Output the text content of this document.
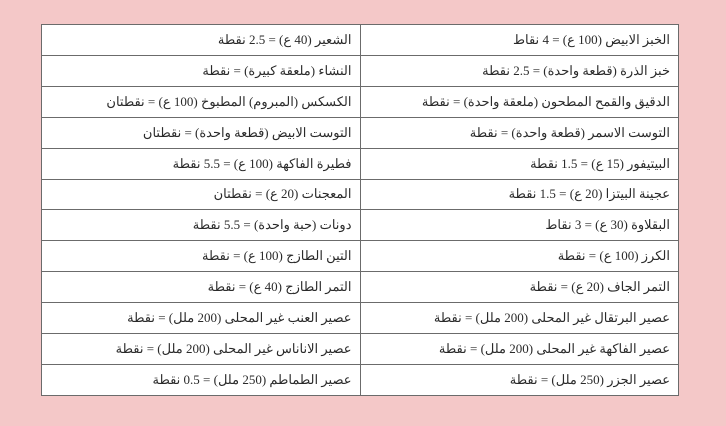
الخبز الابيض (100 ع) = 4 نقاط	الشعير (40 ع) = 2.5 نقطة
خبز الذرة (قطعة واحدة) = 2.5 نقطة	النشاء (ملعقة كبيرة) = نقطة
الدقيق والقمح المطحون (ملعقة واحدة) = نقطة	الكسكس (المبروم) المطبوخ (100 ع) = نقطتان
التوست الاسمر (قطعة واحدة) = نقطة	التوست الابيض (قطعة واحدة) = نقطتان
البيتيفور (15 ع) = 1.5 نقطة	فطيرة الفاكهة (100 ع) = 5.5 نقطة
عجينة البيتزا (20 ع) = 1.5 نقطة	المعجنات (20 ع) = نقطتان
البقلاوة (30 ع) = 3 نقاط	دونات (حبة واحدة) = 5.5 نقطة
الكرز (100 ع) = نقطة	التين الطازج (100 ع) = نقطة
التمر الجاف (20 ع) = نقطة	التمر الطازج (40 ع) = نقطة
عصير البرتقال غير المحلى (200 ملل) = نقطة	عصير العنب غير المحلى (200 ملل) = نقطة
عصير الفاكهة غير المحلى (200 ملل) = نقطة	عصير الاناناس غير المحلى (200 ملل) = نقطة
عصير الجزر (250 ملل) = نقطة	عصير الطماطم (250 ملل) = 0.5 نقطة
